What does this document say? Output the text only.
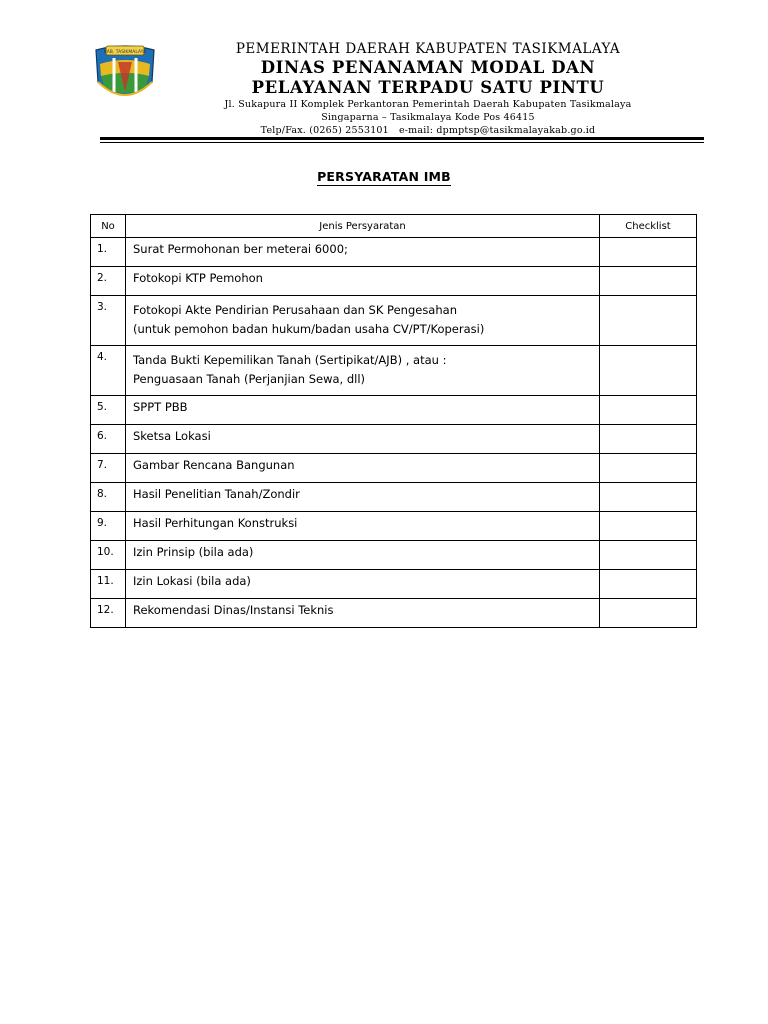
KAB. TASIKMALAYA	PEMERINTAH DAERAH KABUPATEN TASIKMALAYA
DINAS PENANAMAN MODAL DAN
PELAYANAN TERPADU SATU PINTU
Jl. Sukapura II Komplek Perkantoran Pemerintah Daerah Kabupaten Tasikmalaya
Singaparna – Tasikmalaya Kode Pos 46415
Telp/Fax. (0265) 2553101 e-mail: dpmptsp@tasikmalayakab.go.id
PERSYARATAN IMB
No	Jenis Persyaratan	Checklist
1.	Surat Permohonan ber meterai 6000;	
2.	Fotokopi KTP Pemohon	
3.	Fotokopi Akte Pendirian Perusahaan dan SK Pengesahan
(untuk pemohon badan hukum/badan usaha CV/PT/Koperasi)	

4.	Tanda Bukti Kepemilikan Tanah (Sertipikat/AJB) , atau :
Penguasaan Tanah (Perjanjian Sewa, dll)	

5.	SPPT PBB	
6.	Sketsa Lokasi	
7.	Gambar Rencana Bangunan	
8.	Hasil Penelitian Tanah/Zondir	
9.	Hasil Perhitungan Konstruksi	
10.	Izin Prinsip (bila ada)	
11.	Izin Lokasi (bila ada)	
12.	Rekomendasi Dinas/Instansi Teknis	
